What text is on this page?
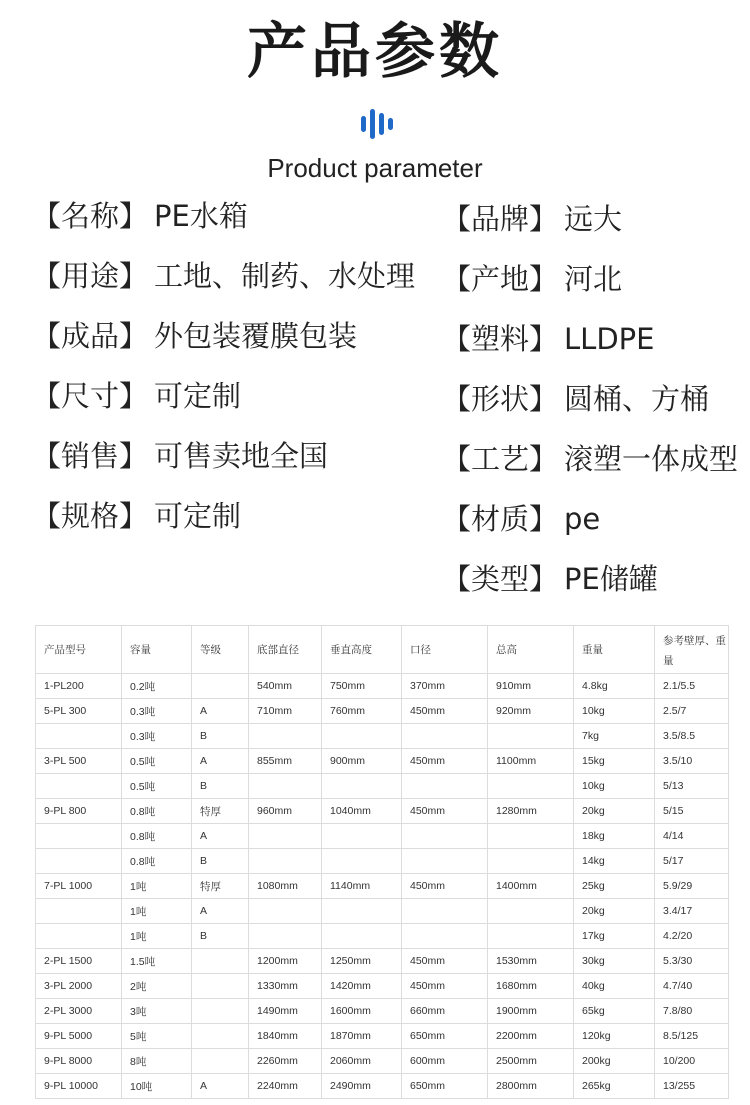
产品参数
Product parameter
【名称】 PE水箱
【用途】 工地、制药、水处理
【成品】 外包装覆膜包装
【尺寸】 可定制
【销售】 可售卖地全国
【规格】 可定制
【品牌】 远大
【产地】 河北
【塑料】 LLDPE
【形状】 圆桶、方桶
【工艺】 滚塑一体成型
【材质】 pe
【类型】 PE储罐
产品型号	容量	等级	底部直径	垂直高度	口径	总高	重量	参考壁厚、重量
1-PL200	0.2吨		540mm	750mm	370mm	910mm	4.8kg	2.1/5.5
5-PL 300	0.3吨	A	710mm	760mm	450mm	920mm	10kg	2.5/7
	0.3吨	B					7kg	3.5/8.5
3-PL 500	0.5吨	A	855mm	900mm	450mm	1100mm	15kg	3.5/10
	0.5吨	B					10kg	5/13
9-PL 800	0.8吨	特厚	960mm	1040mm	450mm	1280mm	20kg	5/15
	0.8吨	A					18kg	4/14
	0.8吨	B					14kg	5/17
7-PL 1000	1吨	特厚	1080mm	1140mm	450mm	1400mm	25kg	5.9/29
	1吨	A					20kg	3.4/17
	1吨	B					17kg	4.2/20
2-PL 1500	1.5吨		1200mm	1250mm	450mm	1530mm	30kg	5.3/30
3-PL 2000	2吨		1330mm	1420mm	450mm	1680mm	40kg	4.7/40
2-PL 3000	3吨		1490mm	1600mm	660mm	1900mm	65kg	7.8/80
9-PL 5000	5吨		1840mm	1870mm	650mm	2200mm	120kg	8.5/125
9-PL 8000	8吨		2260mm	2060mm	600mm	2500mm	200kg	10/200
9-PL 10000	10吨	A	2240mm	2490mm	650mm	2800mm	265kg	13/255
